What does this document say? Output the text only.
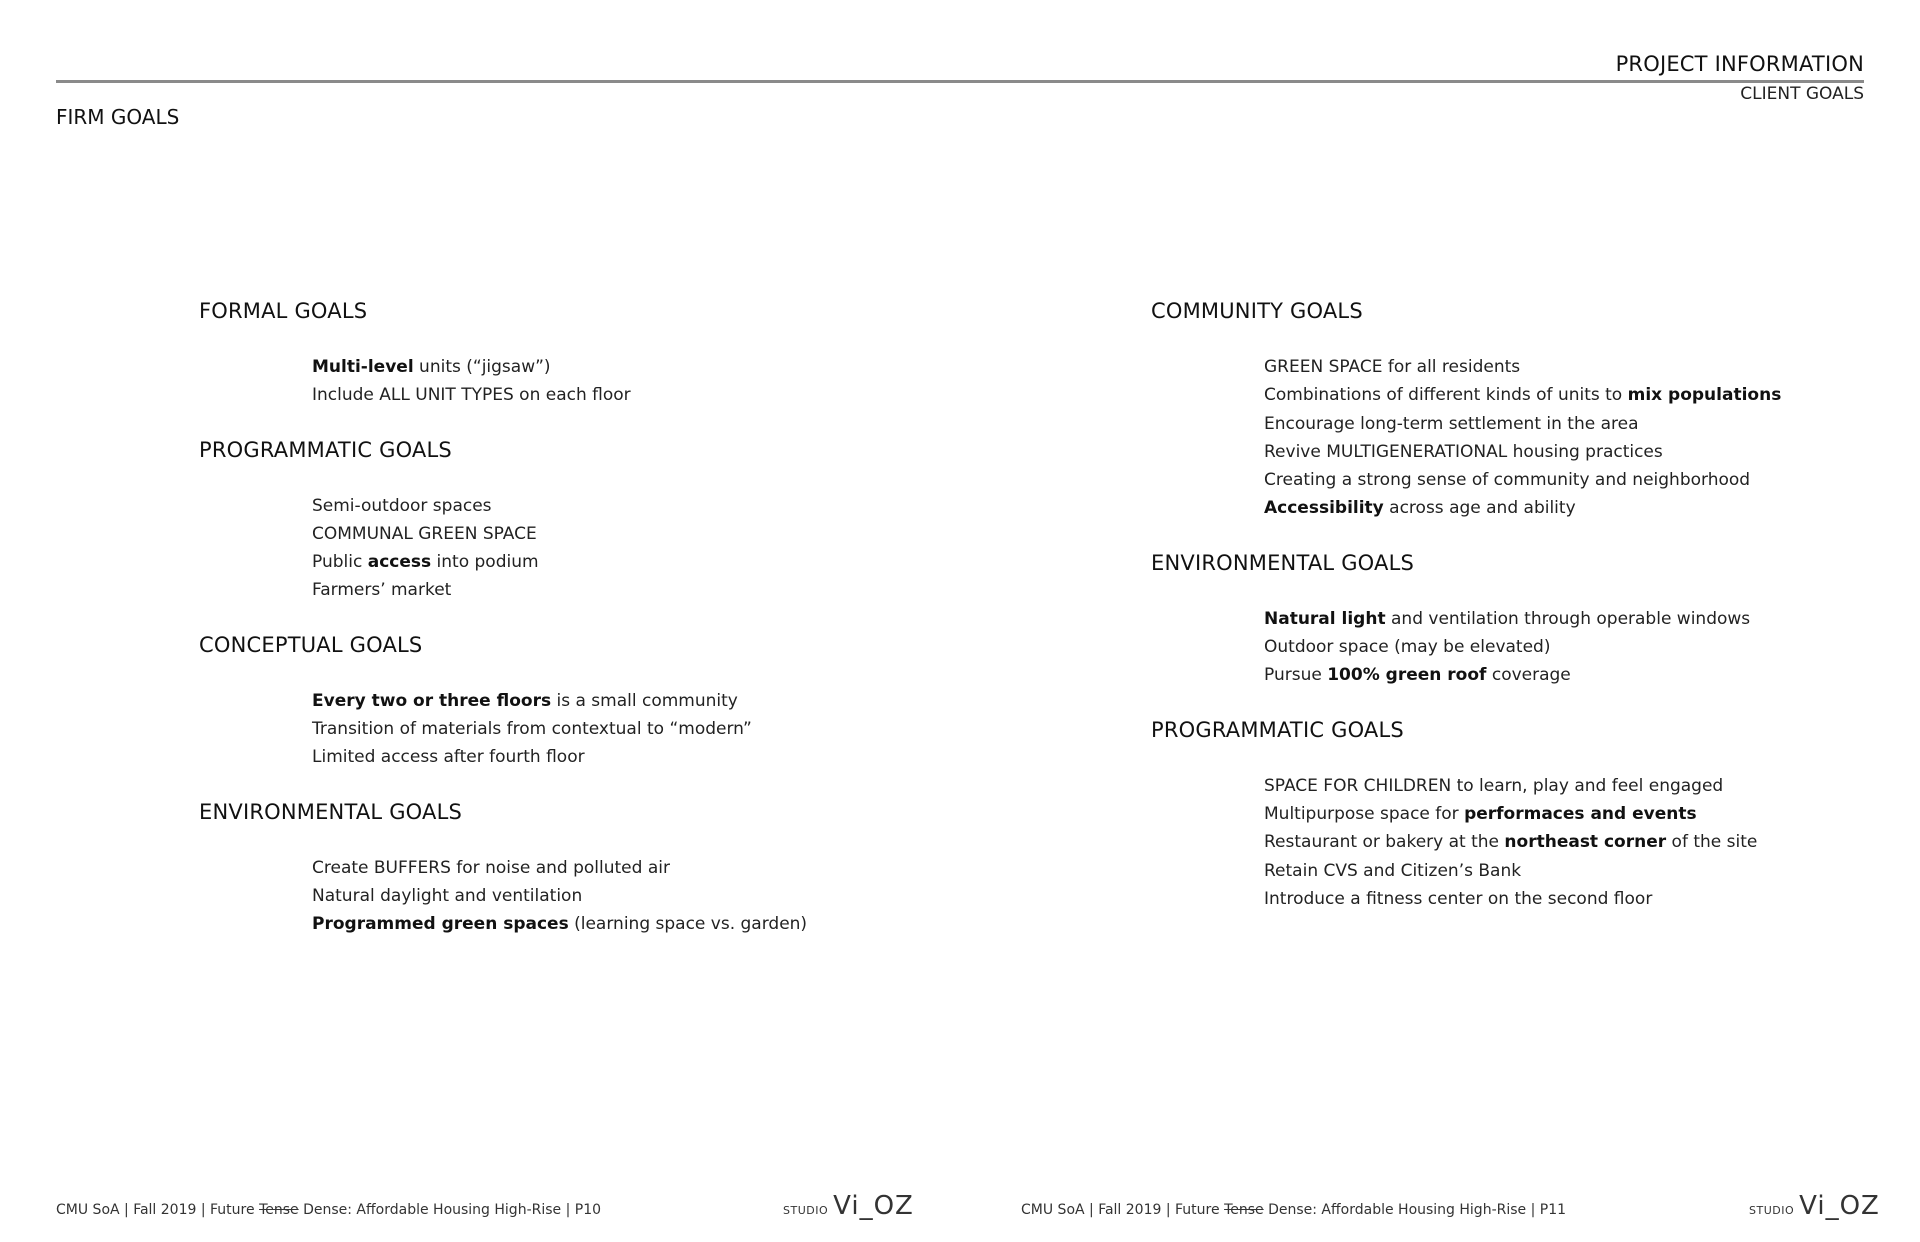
PROJECT INFORMATION
CLIENT GOALS
FIRM GOALS
FORMAL GOALS
Multi-level units (“jigsaw”)
Include ALL UNIT TYPES on each floor
PROGRAMMATIC GOALS
Semi-outdoor spaces
COMMUNAL GREEN SPACE
Public access into podium
Farmers’ market
CONCEPTUAL GOALS
Every two or three floors is a small community
Transition of materials from contextual to “modern”
Limited access after fourth floor
ENVIRONMENTAL GOALS
Create BUFFERS for noise and polluted air
Natural daylight and ventilation
Programmed green spaces (learning space vs. garden)
COMMUNITY GOALS
GREEN SPACE for all residents
Combinations of different kinds of units to mix populations
Encourage long-term settlement in the area
Revive MULTIGENERATIONAL housing practices
Creating a strong sense of community and neighborhood
Accessibility across age and ability
ENVIRONMENTAL GOALS
Natural light and ventilation through operable windows
Outdoor space (may be elevated)
Pursue 100% green roof coverage
PROGRAMMATIC GOALS
SPACE FOR CHILDREN to learn, play and feel engaged
Multipurpose space for performaces and events
Restaurant or bakery at the northeast corner of the site
Retain CVS and Citizen’s Bank
Introduce a fitness center on the second floor
CMU SoA | Fall 2019 | Future Tense Dense: Affordable Housing High-Rise | P10	STUDIO Vi_OZ	CMU SoA | Fall 2019 | Future Tense Dense: Affordable Housing High-Rise | P11	STUDIO Vi_OZ
